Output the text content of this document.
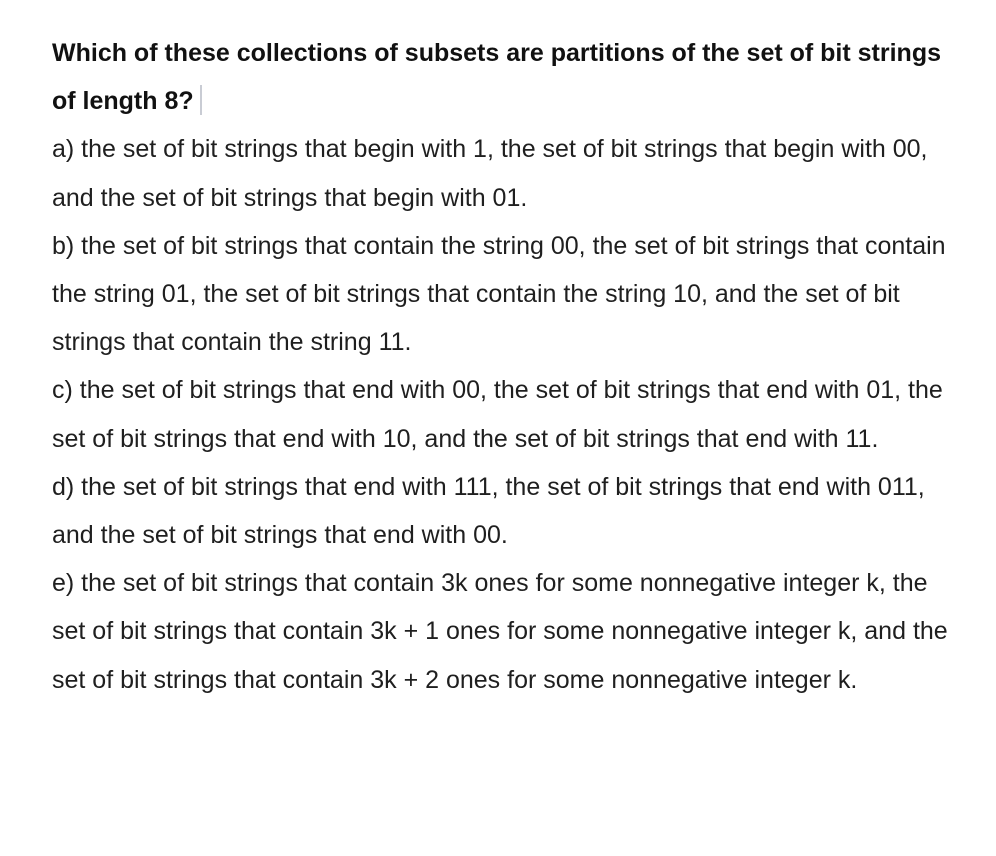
Which of these collections of subsets are partitions of the set of bit strings of length 8?

a) the set of bit strings that begin with 1, the set of bit strings that begin with 00, and the set of bit strings that begin with 01.

b) the set of bit strings that contain the string 00, the set of bit strings that contain the string 01, the set of bit strings that contain the string 10, and the set of bit strings that contain the string 11.

c) the set of bit strings that end with 00, the set of bit strings that end with 01, the set of bit strings that end with 10, and the set of bit strings that end with 11.

d) the set of bit strings that end with 111, the set of bit strings that end with 011, and the set of bit strings that end with 00.

e) the set of bit strings that contain 3k ones for some nonnegative integer k, the set of bit strings that contain 3k + 1 ones for some nonnegative integer k, and the set of bit strings that contain 3k + 2 ones for some nonnegative integer k.
